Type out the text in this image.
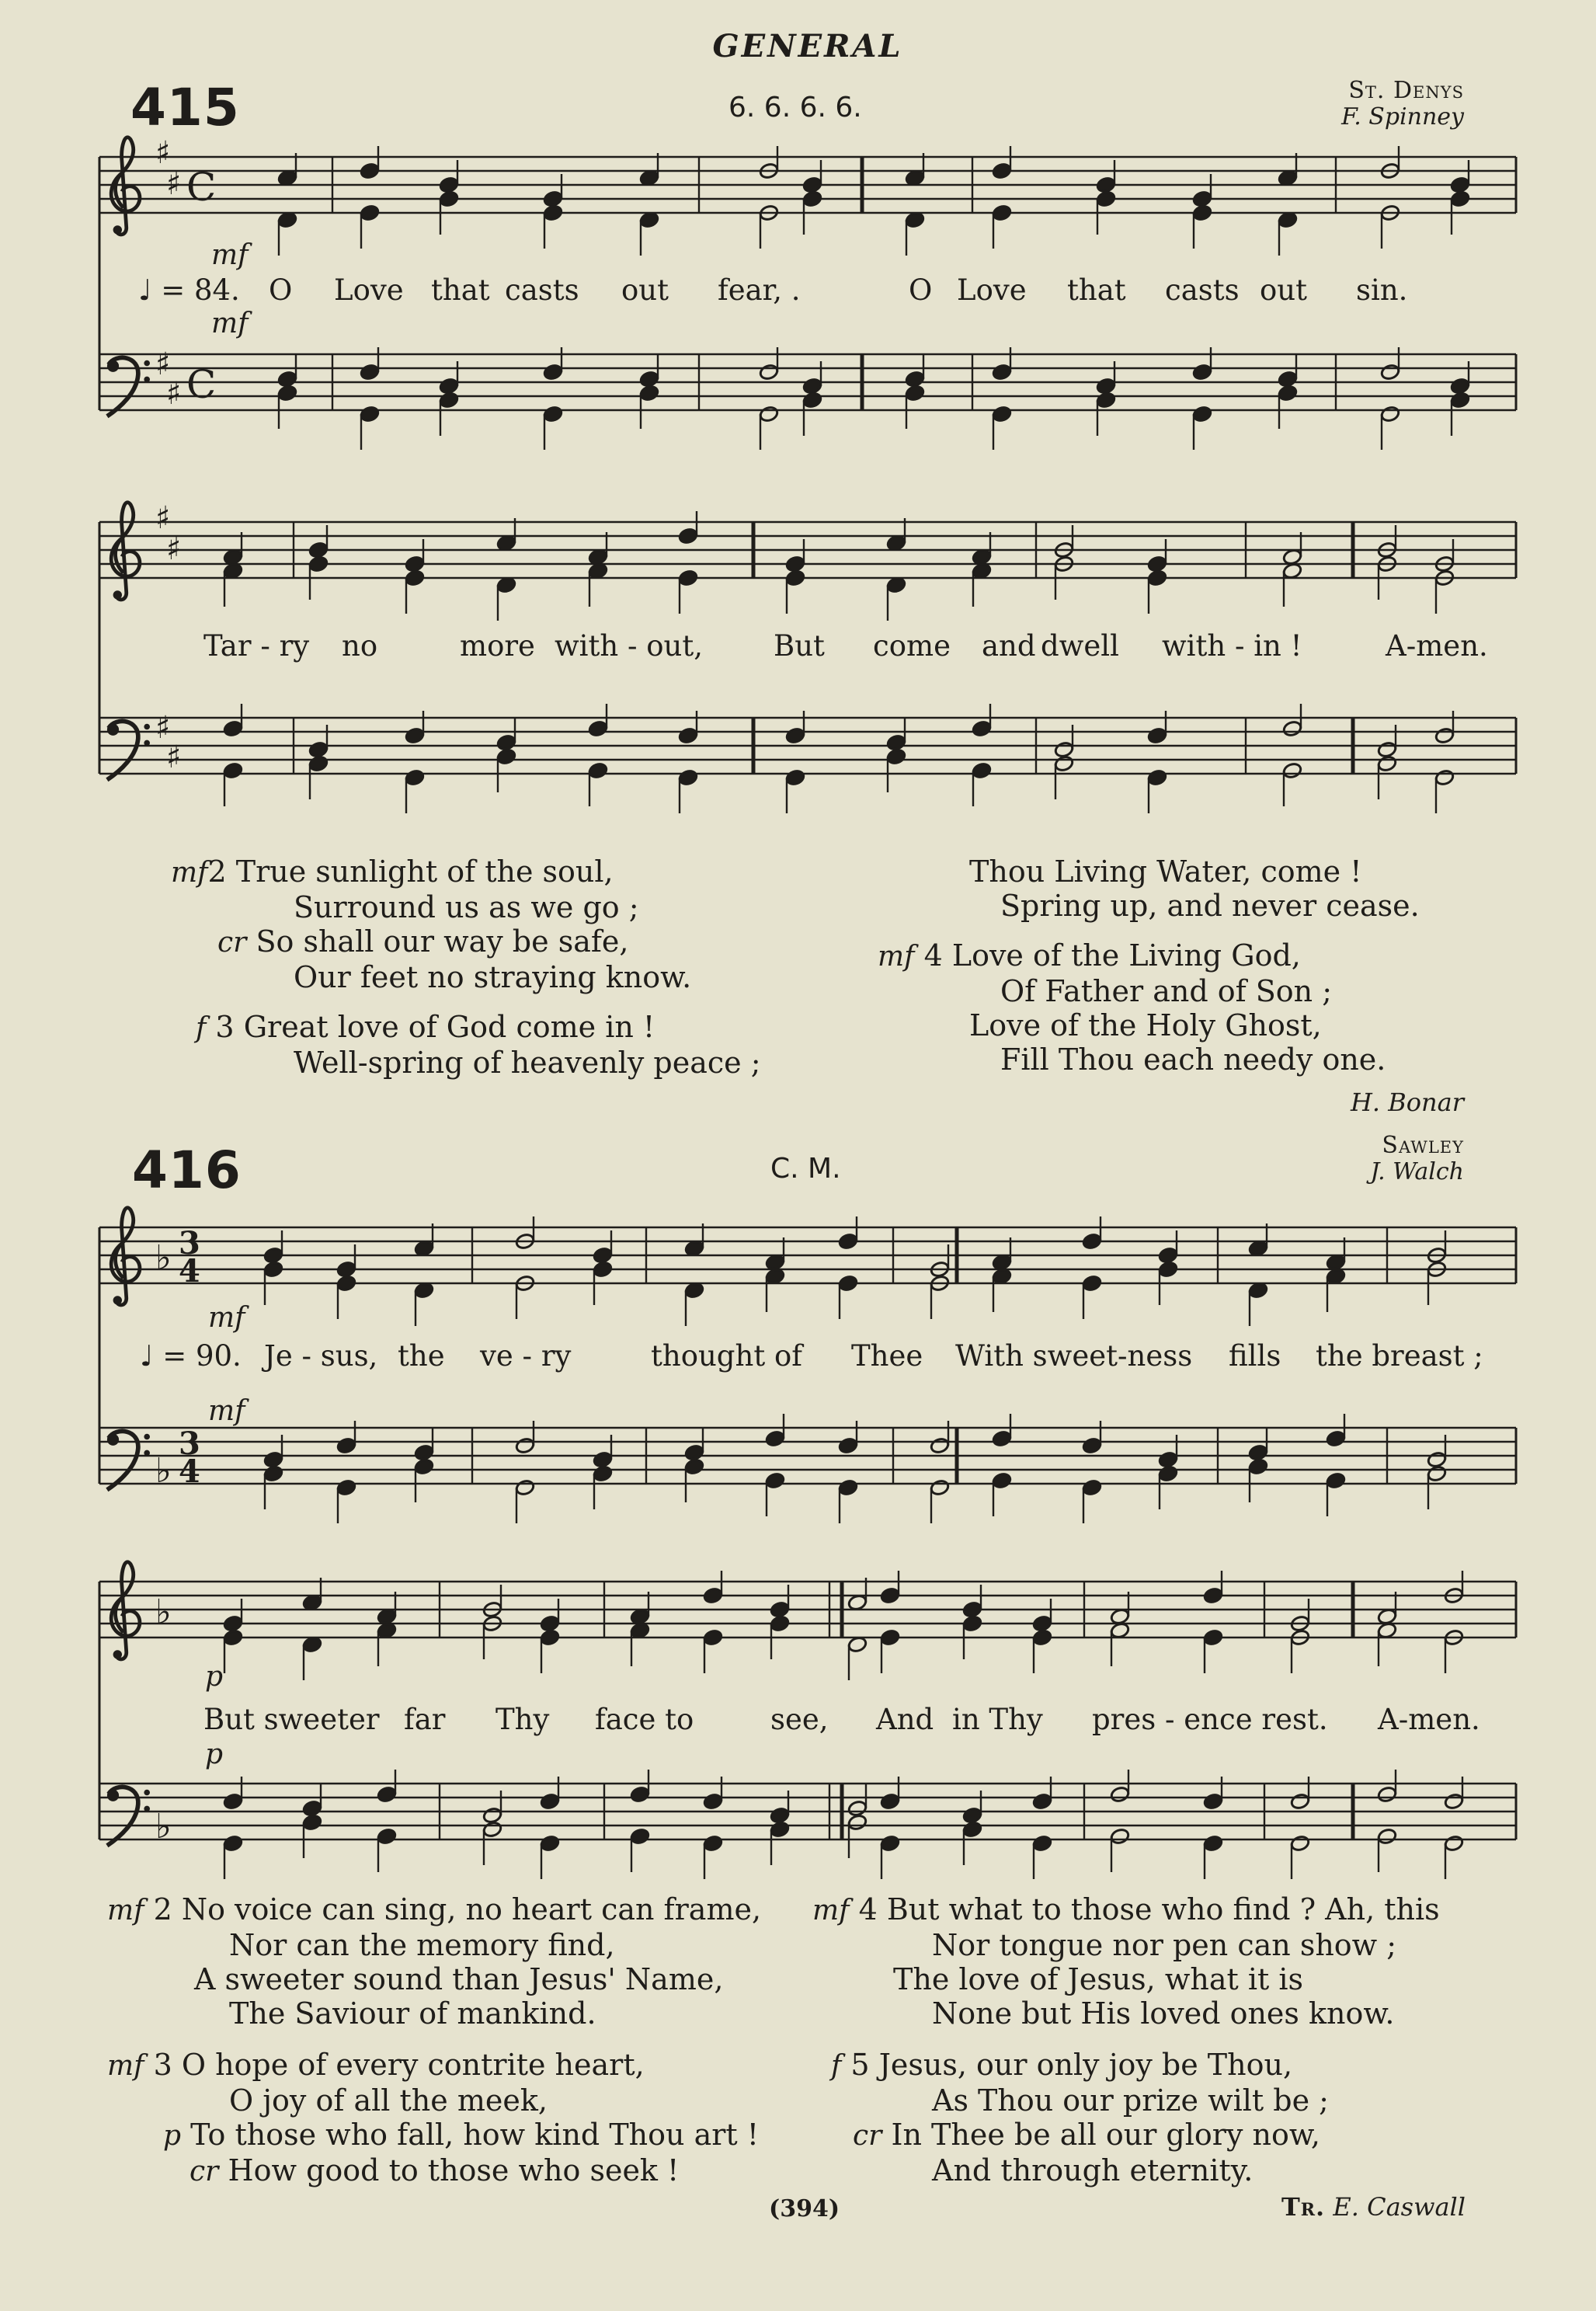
GENERAL
415	6. 6. 6. 6.
St. Denys
F. Spinney
♯
♯
♯
♯
C
C
♯
♯
♯
♯
♭
♭
3
4
3
4
♭
♭
mf
♩ = 84.
mf
O Love that casts out fear, .	O Love that casts out sin.
Tar - ry no	more with - out, But come and dwell with - in !	A-men.
mf2 True sunlight of the soul,
Surround us as we go ;
cr So shall our way be safe,
Our feet no straying know.
f 3 Great love of God come in !
Well-spring of heavenly peace ;
Thou Living Water, come !
Spring up, and never cease.
mf 4 Love of the Living God,
Of Father and of Son ;
Love of the Holy Ghost,
Fill Thou each needy one.
H. Bonar
416	C. M.
Sawley
J. Walch
mf
♩ = 90.
mf
Je - sus, the ve - ry	thought of Thee With sweet-ness fills the breast ;
p
p
But sweeter far Thy face to	see, And in Thy pres - ence rest. A-men.
mf 2 No voice can sing, no heart can frame,
Nor can the memory find,
A sweeter sound than Jesus' Name,
The Saviour of mankind.
mf 3 O hope of every contrite heart,
O joy of all the meek,
p To those who fall, how kind Thou art !
cr How good to those who seek !
mf 4 But what to those who find ? Ah, this
Nor tongue nor pen can show ;
The love of Jesus, what it is
None but His loved ones know.
f 5 Jesus, our only joy be Thou,
As Thou our prize wilt be ;
cr In Thee be all our glory now,
And through eternity.
(394)	Tr. E. Caswall
